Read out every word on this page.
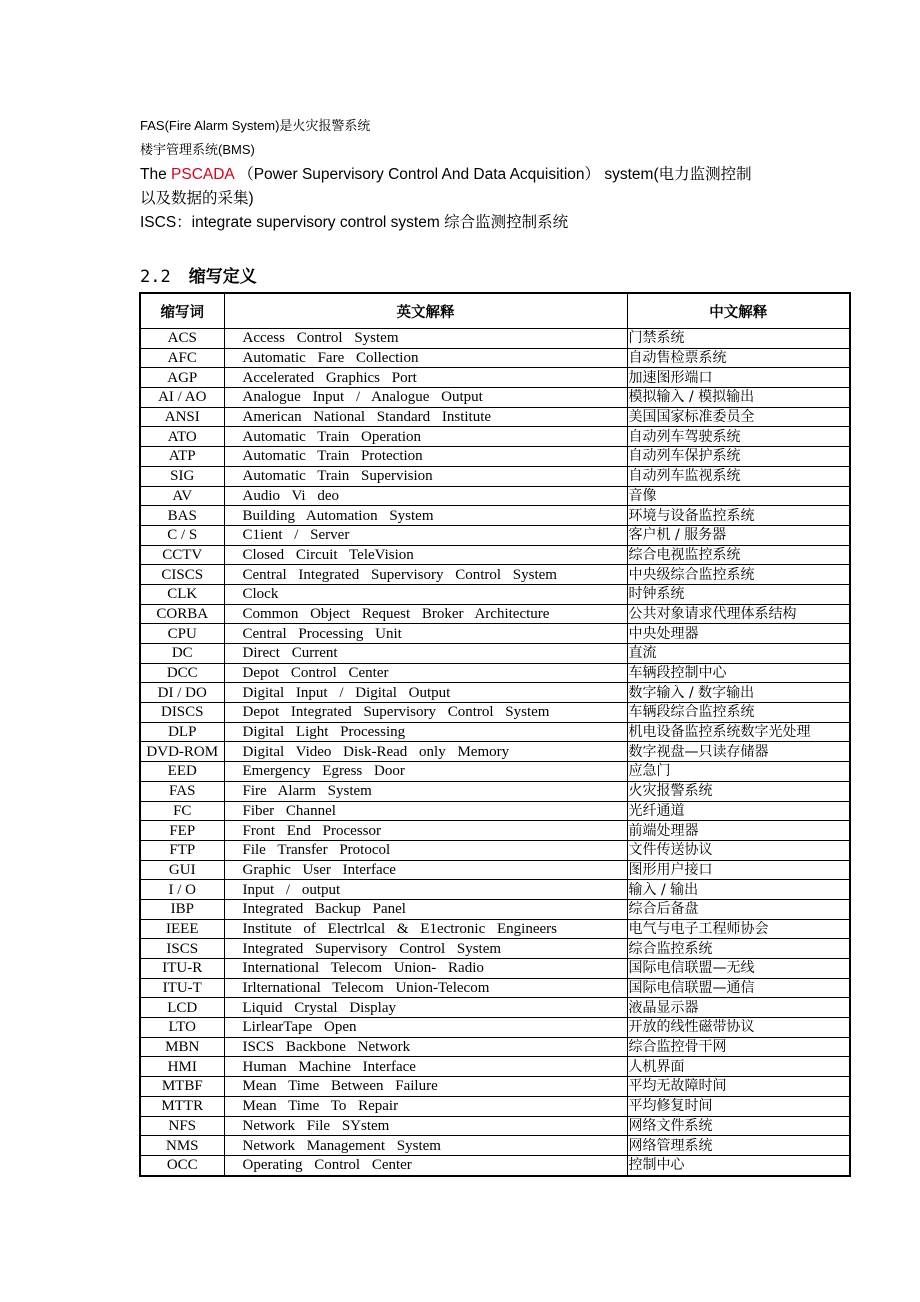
FAS(Fire Alarm System)是火灾报警系统
楼宇管理系统(BMS)
The PSCADA （Power Supervisory Control And Data Acquisition） system(电力监测控制
以及数据的采集)
ISCS：integrate supervisory control system 综合监测控制系统
2.2 缩写定义
缩写词	英文解释	中文解释
ACS	Access Control System	门禁系统
AFC	Automatic Fare Collection	自动售检票系统
AGP	Accelerated Graphics Port	加速图形端口
AI / AO	Analogue Input / Analogue Output	模拟输入 / 模拟输出
ANSI	American National Standard Institute	美国国家标准委员全
ATO	Automatic Train Operation	自动列车驾驶系统
ATP	Automatic Train Protection	自动列车保护系统
SIG	Automatic Train Supervision	自动列车监视系统
AV	Audio Vi deo	音像
BAS	Building Automation System	环境与设备监控系统
C / S	C1ient / Server	客户机 / 服务器
CCTV	Closed Circuit TeleVision	综合电视监控系统
CISCS	Central Integrated Supervisory Control System	中央级综合监控系统
CLK	Clock	时钟系统
CORBA	Common Object Request Broker Architecture	公共对象请求代理体系结构
CPU	Central Processing Unit	中央处理器
DC	Direct Current	直流
DCC	Depot Control Center	车辆段控制中心
DI / DO	Digital Input / Digital Output	数字输入 / 数字输出
DISCS	Depot Integrated Supervisory Control System	车辆段综合监控系统
DLP	Digital Light Processing	机电设备监控系统数字光处理
DVD-ROM	Digital Video Disk-Read only Memory	数字视盘—只读存储器
EED	Emergency Egress Door	应急门
FAS	Fire Alarm System	火灾报警系统
FC	Fiber Channel	光纤通道
FEP	Front End Processor	前端处理器
FTP	File Transfer Protocol	文件传送协议
GUI	Graphic User Interface	图形用户接口
I / O	Input / output	输入 / 输出
IBP	Integrated Backup Panel	综合后备盘
IEEE	Institute of Electrlcal & E1ectronic Engineers	电气与电子工程师协会
ISCS	Integrated Supervisory Control System	综合监控系统
ITU-R	International Telecom Union- Radio	国际电信联盟—无线
ITU-T	Irlternational Telecom Union-Telecom	国际电信联盟—通信
LCD	Liquid Crystal Display	液晶显示器
LTO	LirlearTape Open	开放的线性磁带协议
MBN	ISCS Backbone Network	综合监控骨干网
HMI	Human Machine Interface	人机界面
MTBF	Mean Time Between Failure	平均无故障时间
MTTR	Mean Time To Repair	平均修复时间
NFS	Network File SYstem	网络文件系统
NMS	Network Management System	网络管理系统
OCC	Operating Control Center	控制中心
